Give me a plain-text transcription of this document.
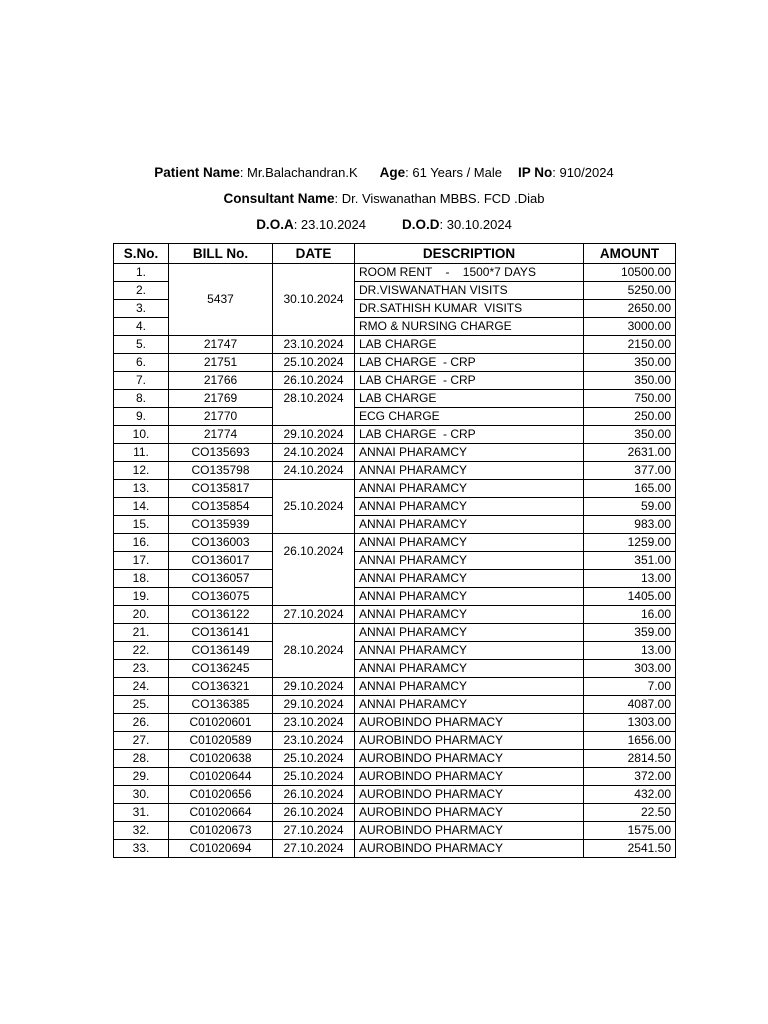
Patient Name: Mr.Balachandran.K Age: 61 Years / Male IP No: 910/2024
Consultant Name: Dr. Viswanathan MBBS. FCD .Diab
D.O.A: 23.10.2024	D.O.D: 30.10.2024
S.No.	BILL No.	DATE	DESCRIPTION	AMOUNT
1.	5437	30.10.2024	ROOM RENT    -    1500*7 DAYS	10500.00
2.			DR.VISWANATHAN VISITS	5250.00
3.			DR.SATHISH KUMAR  VISITS	2650.00
4.			RMO & NURSING CHARGE	3000.00
5.	21747	23.10.2024	LAB CHARGE	2150.00
6.	21751	25.10.2024	LAB CHARGE  - CRP	350.00
7.	21766	26.10.2024	LAB CHARGE  - CRP	350.00
8.	21769	28.10.2024	LAB CHARGE	750.00
9.	21770		ECG CHARGE	250.00
10.	21774	29.10.2024	LAB CHARGE  - CRP	350.00
11.	CO135693	24.10.2024	ANNAI PHARAMCY	2631.00
12.	CO135798	24.10.2024	ANNAI PHARAMCY	377.00
13.	CO135817	25.10.2024	ANNAI PHARAMCY	165.00
14.	CO135854		ANNAI PHARAMCY	59.00
15.	CO135939		ANNAI PHARAMCY	983.00
16.	CO136003	26.10.2024	ANNAI PHARAMCY	1259.00
17.	CO136017		ANNAI PHARAMCY	351.00
18.	CO136057		ANNAI PHARAMCY	13.00
19.	CO136075		ANNAI PHARAMCY	1405.00
20.	CO136122	27.10.2024	ANNAI PHARAMCY	16.00
21.	CO136141	28.10.2024	ANNAI PHARAMCY	359.00
22.	CO136149		ANNAI PHARAMCY	13.00
23.	CO136245		ANNAI PHARAMCY	303.00
24.	CO136321	29.10.2024	ANNAI PHARAMCY	7.00
25.	CO136385	29.10.2024	ANNAI PHARAMCY	4087.00
26.	C01020601	23.10.2024	AUROBINDO PHARMACY	1303.00
27.	C01020589	23.10.2024	AUROBINDO PHARMACY	1656.00
28.	C01020638	25.10.2024	AUROBINDO PHARMACY	2814.50
29.	C01020644	25.10.2024	AUROBINDO PHARMACY	372.00
30.	C01020656	26.10.2024	AUROBINDO PHARMACY	432.00
31.	C01020664	26.10.2024	AUROBINDO PHARMACY	22.50
32.	C01020673	27.10.2024	AUROBINDO PHARMACY	1575.00
33.	C01020694	27.10.2024	AUROBINDO PHARMACY	2541.50
